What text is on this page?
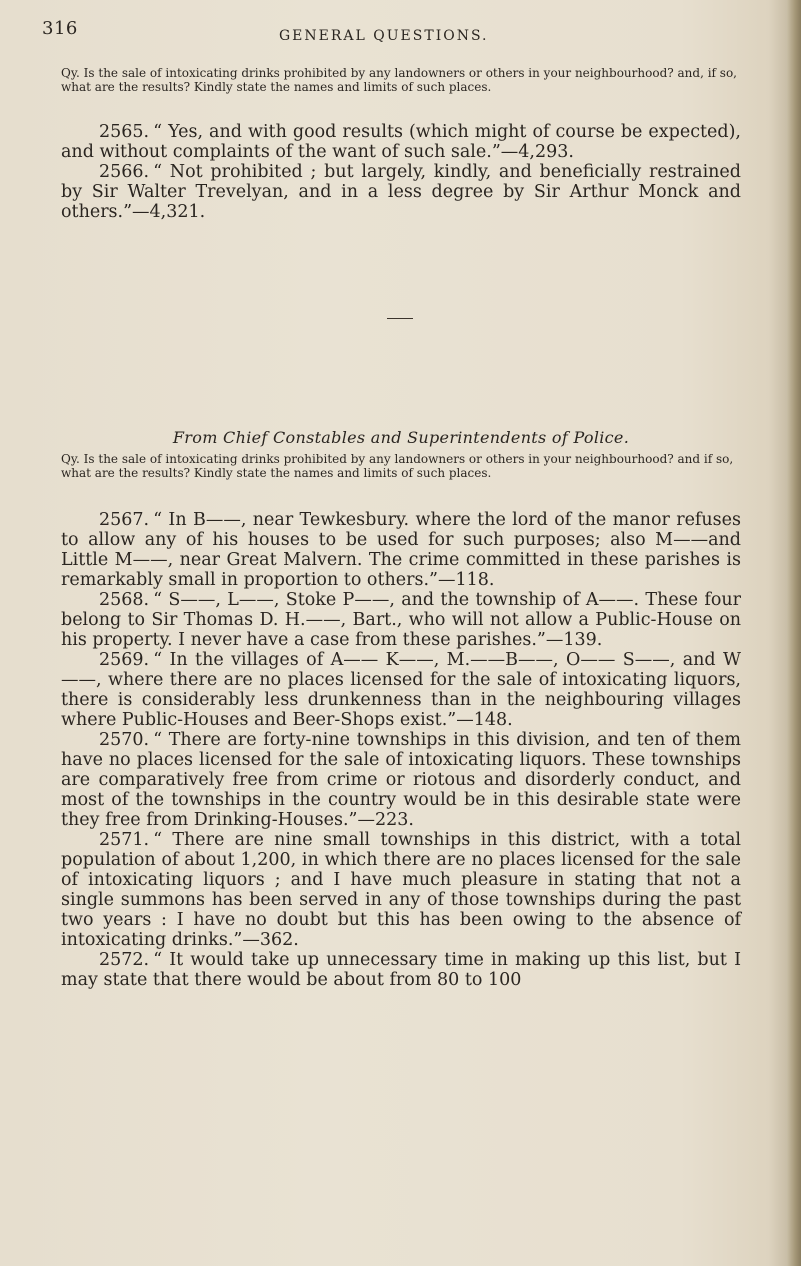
316	GENERAL QUESTIONS.
Qy. Is the sale of intoxicating drinks prohibited by any landowners or others in your neighbourhood? and, if so, what are the results? Kindly state the names and limits of such places.

2565. “ Yes, and with good results (which might of course be expected), and without complaints of the want of such sale.”—4,293.

2566. “ Not prohibited ; but largely, kindly, and beneficially restrained by Sir Walter Trevelyan, and in a less degree by Sir Arthur Monck and others.”—4,321.

From Chief Constables and Superintendents of Police.
Qy. Is the sale of intoxicating drinks prohibited by any landowners or others in your neighbourhood? and if so, what are the results? Kindly state the names and limits of such places.

2567. “ In B——, near Tewkesbury. where the lord of the manor refuses to allow any of his houses to be used for such purposes; also M——and Little M——, near Great Malvern. The crime committed in these parishes is remarkably small in proportion to others.”—118.

2568. “ S——, L——, Stoke P——, and the township of A——. These four belong to Sir Thomas D. H.——, Bart., who will not allow a Public-House on his property. I never have a case from these parishes.”—139.

2569. “ In the villages of A—— K——, M.——B——, O—— S——, and W——, where there are no places licensed for the sale of intoxicating liquors, there is considerably less drunkenness than in the neighbouring villages where Public-Houses and Beer-Shops exist.”—148.

2570. “ There are forty-nine townships in this division, and ten of them have no places licensed for the sale of intoxicating liquors. These townships are comparatively free from crime or riotous and disorderly conduct, and most of the townships in the country would be in this desirable state were they free from Drinking-Houses.”—223.

2571. “ There are nine small townships in this district, with a total population of about 1,200, in which there are no places licensed for the sale of intoxicating liquors ; and I have much pleasure in stating that not a single summons has been served in any of those townships during the past two years : I have no doubt but this has been owing to the absence of intoxicating drinks.”—362.

2572. “ It would take up unnecessary time in making up this list, but I may state that there would be about from 80 to 100
